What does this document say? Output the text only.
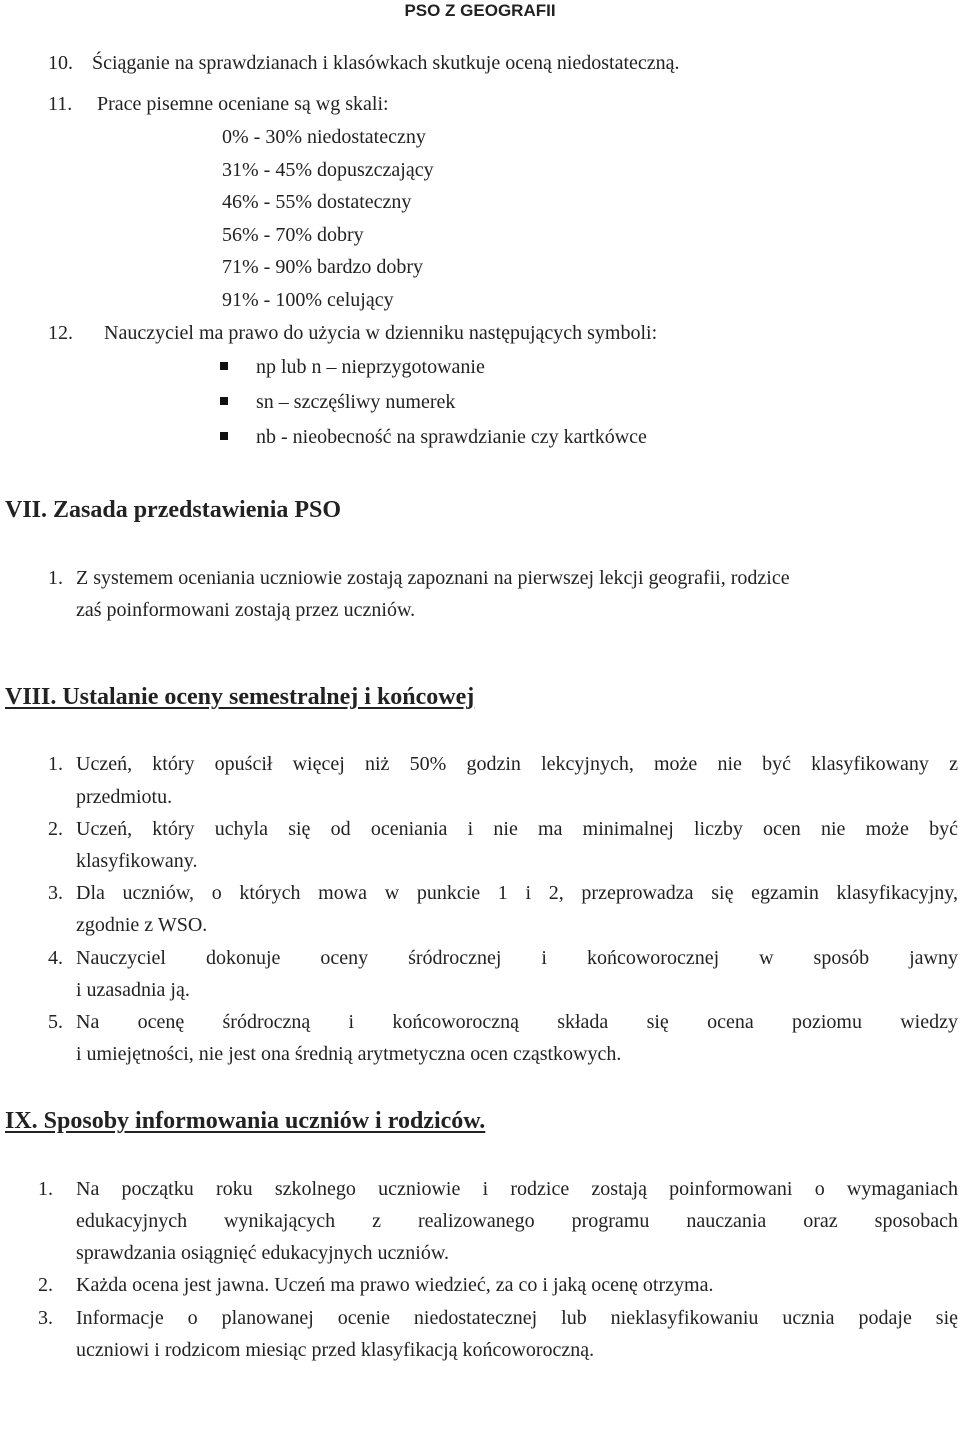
PSO Z GEOGRAFII
10. Ściąganie na sprawdzianach i klasówkach skutkuje oceną niedostateczną.
11. Prace pisemne oceniane są wg skali:
0% - 30% niedostateczny
31% - 45% dopuszczający
46% - 55% dostateczny
56% - 70% dobry
71% - 90% bardzo dobry
91% - 100% celujący
12. Nauczyciel ma prawo do użycia w dzienniku następujących symboli:
np lub n – nieprzygotowanie
sn – szczęśliwy numerek
nb - nieobecność na sprawdzianie czy kartkówce
VII. Zasada przedstawienia PSO
1. Z systemem oceniania uczniowie zostają zapoznani na pierwszej lekcji geografii, rodzice
zaś poinformowani zostają przez uczniów.
VIII. Ustalanie oceny semestralnej i końcowej
1. Uczeń, który opuścił więcej niż 50% godzin lekcyjnych, może nie być klasyfikowany z
przedmiotu.
2. Uczeń, który uchyla się od oceniania i nie ma minimalnej liczby ocen nie może być
klasyfikowany.
3. Dla uczniów, o których mowa w punkcie 1 i 2, przeprowadza się egzamin klasyfikacyjny,
zgodnie z WSO.
4. Nauczyciel dokonuje oceny śródrocznej i końcoworocznej w sposób jawny
i uzasadnia ją.
5. Na ocenę śródroczną i końcoworoczną składa się ocena poziomu wiedzy
i umiejętności, nie jest ona średnią arytmetyczna ocen cząstkowych.
IX. Sposoby informowania uczniów i rodziców.
1. Na początku roku szkolnego uczniowie i rodzice zostają poinformowani o wymaganiach
edukacyjnych wynikających z realizowanego programu nauczania oraz sposobach
sprawdzania osiągnięć edukacyjnych uczniów.
2. Każda ocena jest jawna. Uczeń ma prawo wiedzieć, za co i jaką ocenę otrzyma.
3. Informacje o planowanej ocenie niedostatecznej lub nieklasyfikowaniu ucznia podaje się
uczniowi i rodzicom miesiąc przed klasyfikacją końcoworoczną.
